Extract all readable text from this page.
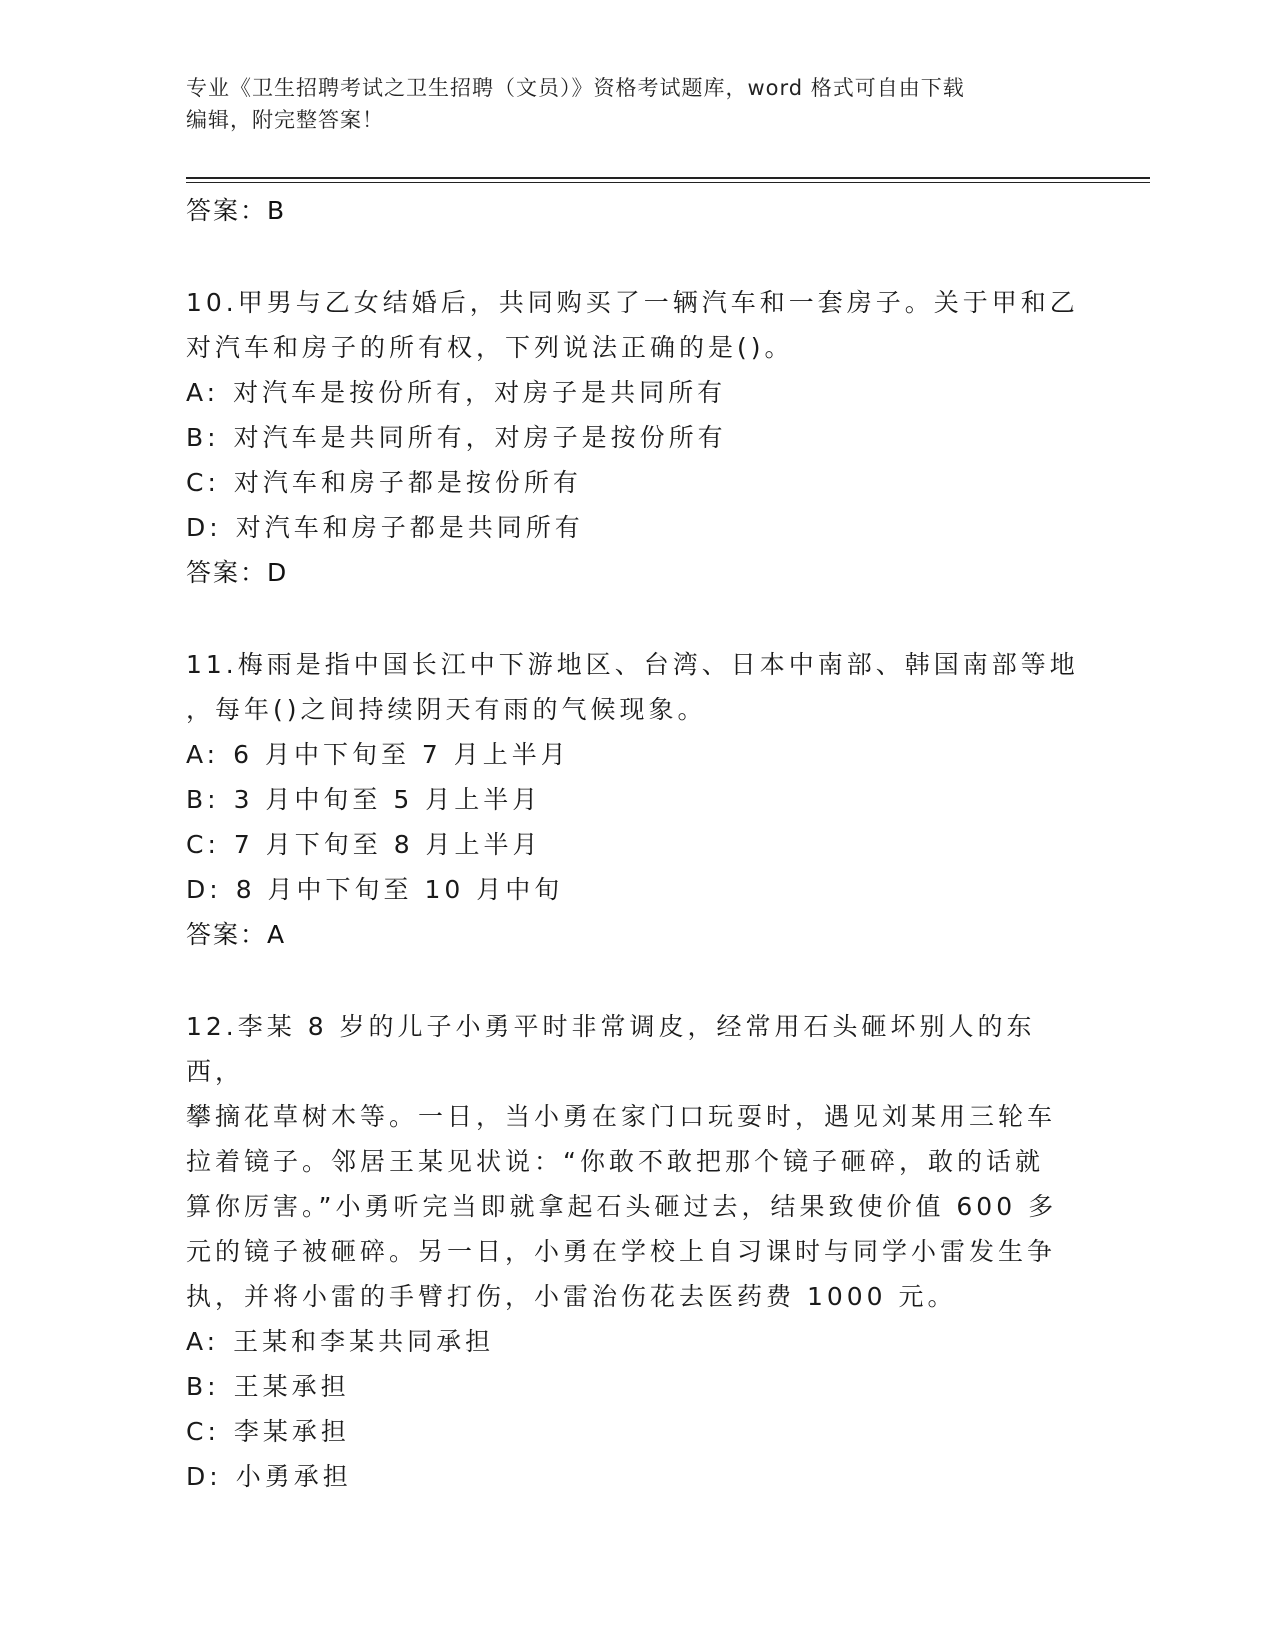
专业《卫生招聘考试之卫生招聘（文员）》资格考试题库，word 格式可自由下载
编辑，附完整答案！
答案：B
10.甲男与乙女结婚后，共同购买了一辆汽车和一套房子。关于甲和乙
对汽车和房子的所有权，下列说法正确的是()。
A: 对汽车是按份所有，对房子是共同所有
B: 对汽车是共同所有，对房子是按份所有
C: 对汽车和房子都是按份所有
D: 对汽车和房子都是共同所有
答案：D
11.梅雨是指中国长江中下游地区、台湾、日本中南部、韩国南部等地
，每年()之间持续阴天有雨的气候现象。
A: 6 月中下旬至 7 月上半月
B: 3 月中旬至 5 月上半月
C: 7 月下旬至 8 月上半月
D: 8 月中下旬至 10 月中旬
答案：A
12.李某 8 岁的儿子小勇平时非常调皮，经常用石头砸坏别人的东西，
攀摘花草树木等。一日，当小勇在家门口玩耍时，遇见刘某用三轮车
拉着镜子。邻居王某见状说：“你敢不敢把那个镜子砸碎，敢的话就
算你厉害。”小勇听完当即就拿起石头砸过去，结果致使价值 600 多
元的镜子被砸碎。另一日，小勇在学校上自习课时与同学小雷发生争
执，并将小雷的手臂打伤，小雷治伤花去医药费 1000 元。
A: 王某和李某共同承担
B: 王某承担
C: 李某承担
D: 小勇承担
